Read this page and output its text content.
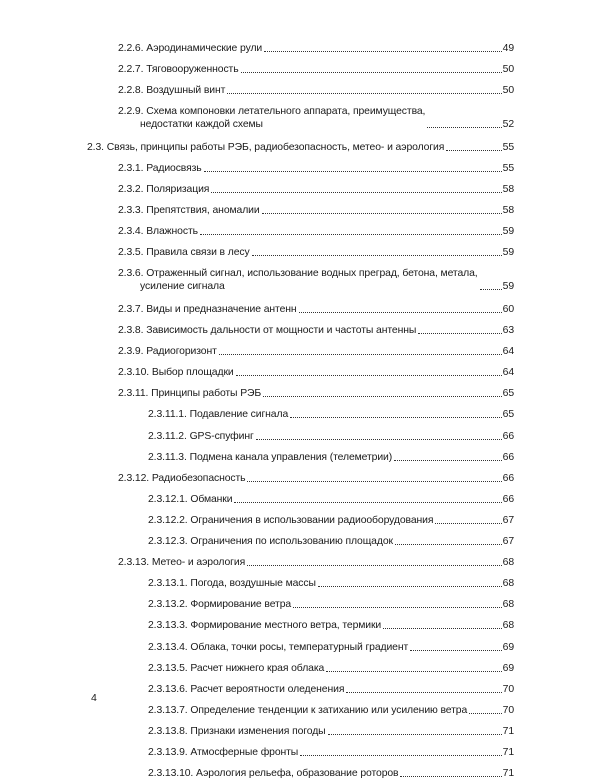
2.2.6. Аэродинамические рули	49
2.2.7. Тяговооруженность	50
2.2.8. Воздушный винт	50
2.2.9. Схема компоновки летательного аппарата, преимущества,
недостатки каждой схемы	52
2.3. Связь, принципы работы РЭБ, радиобезопасность, метео- и аэрология	55
2.3.1. Радиосвязь	55
2.3.2. Поляризация	58
2.3.3. Препятствия, аномалии	58
2.3.4. Влажность	59
2.3.5. Правила связи в лесу	59
2.3.6. Отраженный сигнал, использование водных преград, бетона, метала,
усиление сигнала	59
2.3.7. Виды и предназначение антенн	60
2.3.8. Зависимость дальности от мощности и частоты антенны	63
2.3.9. Радиогоризонт	64
2.3.10. Выбор площадки	64
2.3.11. Принципы работы РЭБ	65
2.3.11.1. Подавление сигнала	65
2.3.11.2. GPS-спуфинг	66
2.3.11.3. Подмена канала управления (телеметрии)	66
2.3.12. Радиобезопасность	66
2.3.12.1. Обманки	66
2.3.12.2. Ограничения в использовании радиооборудования	67
2.3.12.3. Ограничения по использованию площадок	67
2.3.13. Метео- и аэрология	68
2.3.13.1. Погода, воздушные массы	68
2.3.13.2. Формирование ветра	68
2.3.13.3. Формирование местного ветра, термики	68
2.3.13.4. Облака, точки росы, температурный градиент	69
2.3.13.5. Расчет нижнего края облака	69
2.3.13.6. Расчет вероятности оледенения	70
2.3.13.7. Определение тенденции к затиханию или усилению ветра	70
2.3.13.8. Признаки изменения погоды	71
2.3.13.9. Атмосферные фронты	71
2.3.13.10. Аэрология рельефа, образование роторов	71
4
